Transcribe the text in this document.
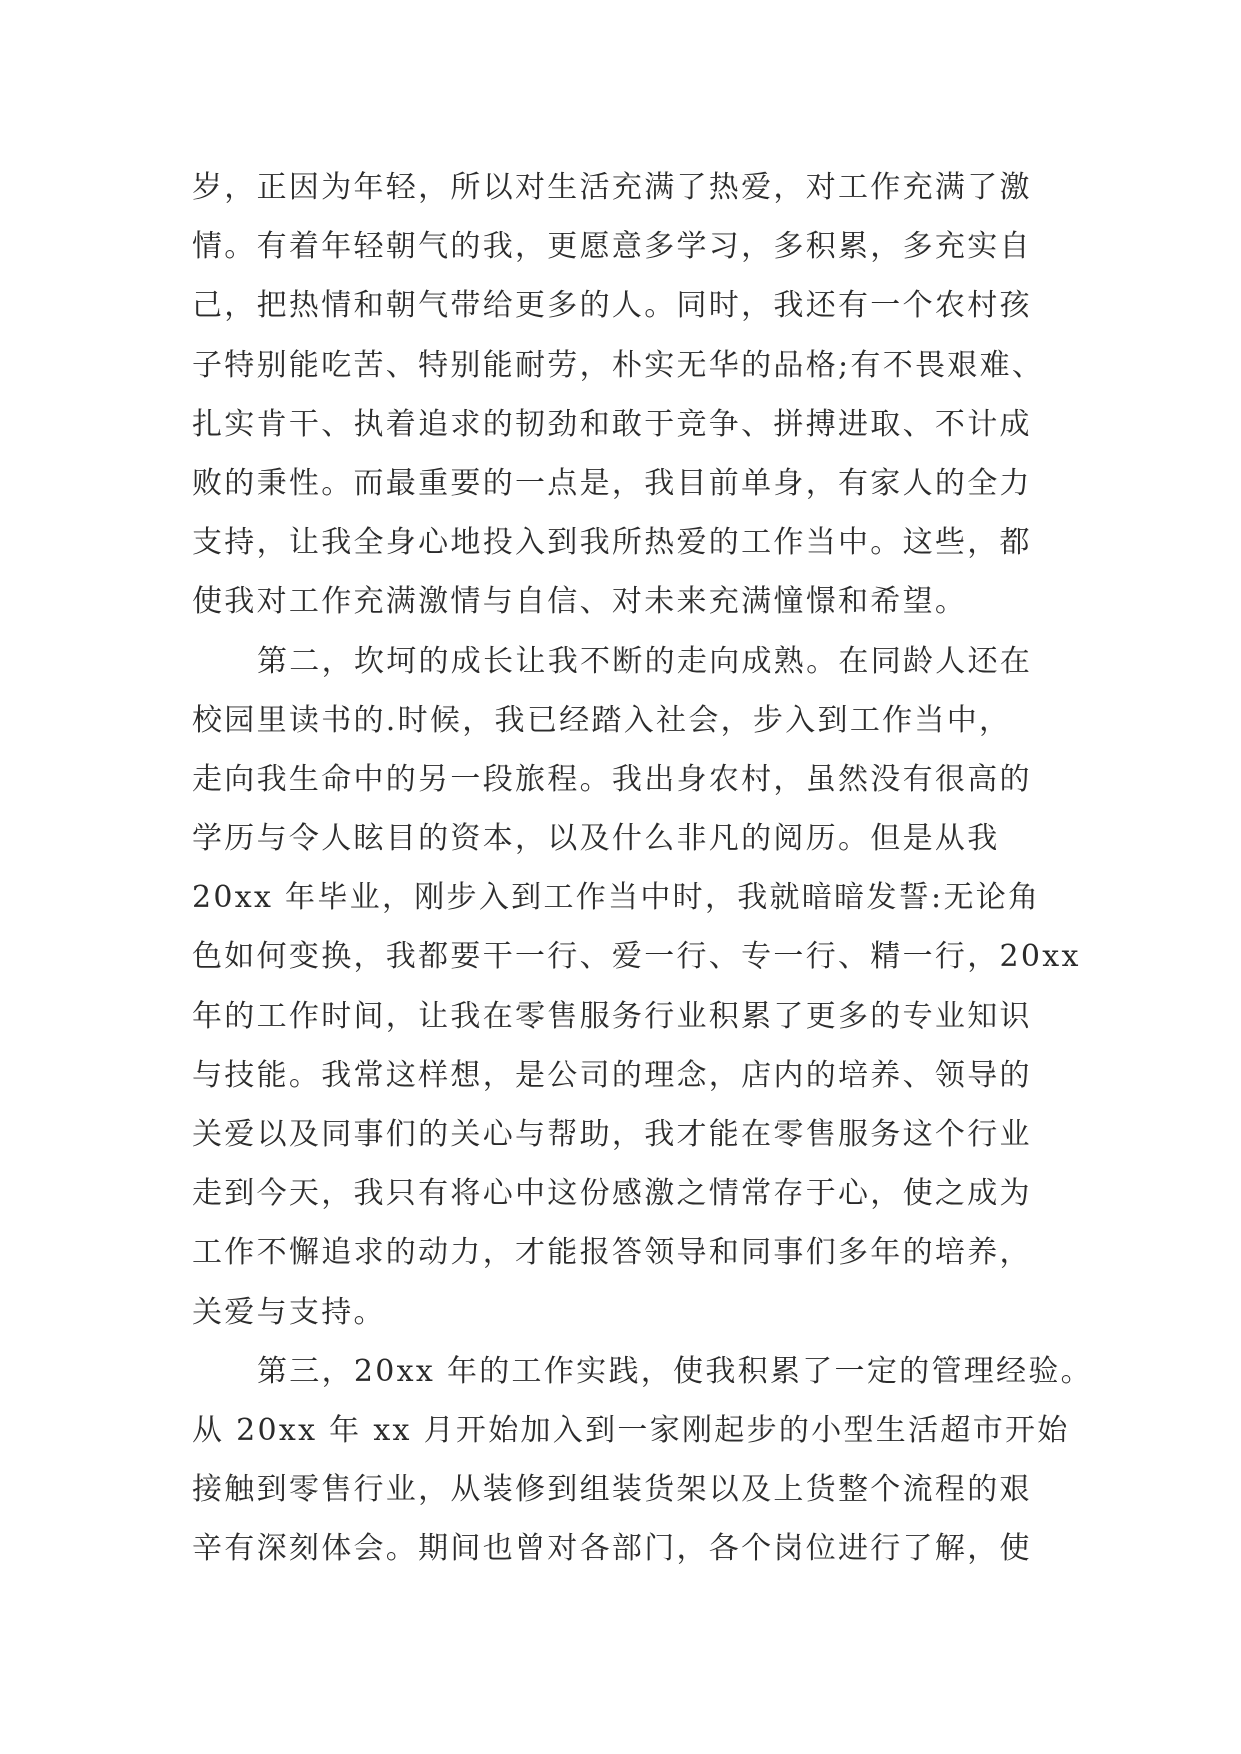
岁，正因为年轻，所以对生活充满了热爱，对工作充满了激
情。有着年轻朝气的我，更愿意多学习，多积累，多充实自
己，把热情和朝气带给更多的人。同时，我还有一个农村孩
子特别能吃苦、特别能耐劳，朴实无华的品格;有不畏艰难、
扎实肯干、执着追求的韧劲和敢于竞争、拼搏进取、不计成
败的秉性。而最重要的一点是，我目前单身，有家人的全力
支持，让我全身心地投入到我所热爱的工作当中。这些，都
使我对工作充满激情与自信、对未来充满憧憬和希望。
第二，坎坷的成长让我不断的走向成熟。在同龄人还在
校园里读书的.时候，我已经踏入社会，步入到工作当中，
走向我生命中的另一段旅程。我出身农村，虽然没有很高的
学历与令人眩目的资本，以及什么非凡的阅历。但是从我
20xx 年毕业，刚步入到工作当中时，我就暗暗发誓:无论角
色如何变换，我都要干一行、爱一行、专一行、精一行，20xx
年的工作时间，让我在零售服务行业积累了更多的专业知识
与技能。我常这样想，是公司的理念，店内的培养、领导的
关爱以及同事们的关心与帮助，我才能在零售服务这个行业
走到今天，我只有将心中这份感激之情常存于心，使之成为
工作不懈追求的动力，才能报答领导和同事们多年的培养，
关爱与支持。
第三，20xx 年的工作实践，使我积累了一定的管理经验。
从 20xx 年 xx 月开始加入到一家刚起步的小型生活超市开始
接触到零售行业，从装修到组装货架以及上货整个流程的艰
辛有深刻体会。期间也曾对各部门，各个岗位进行了解，使
